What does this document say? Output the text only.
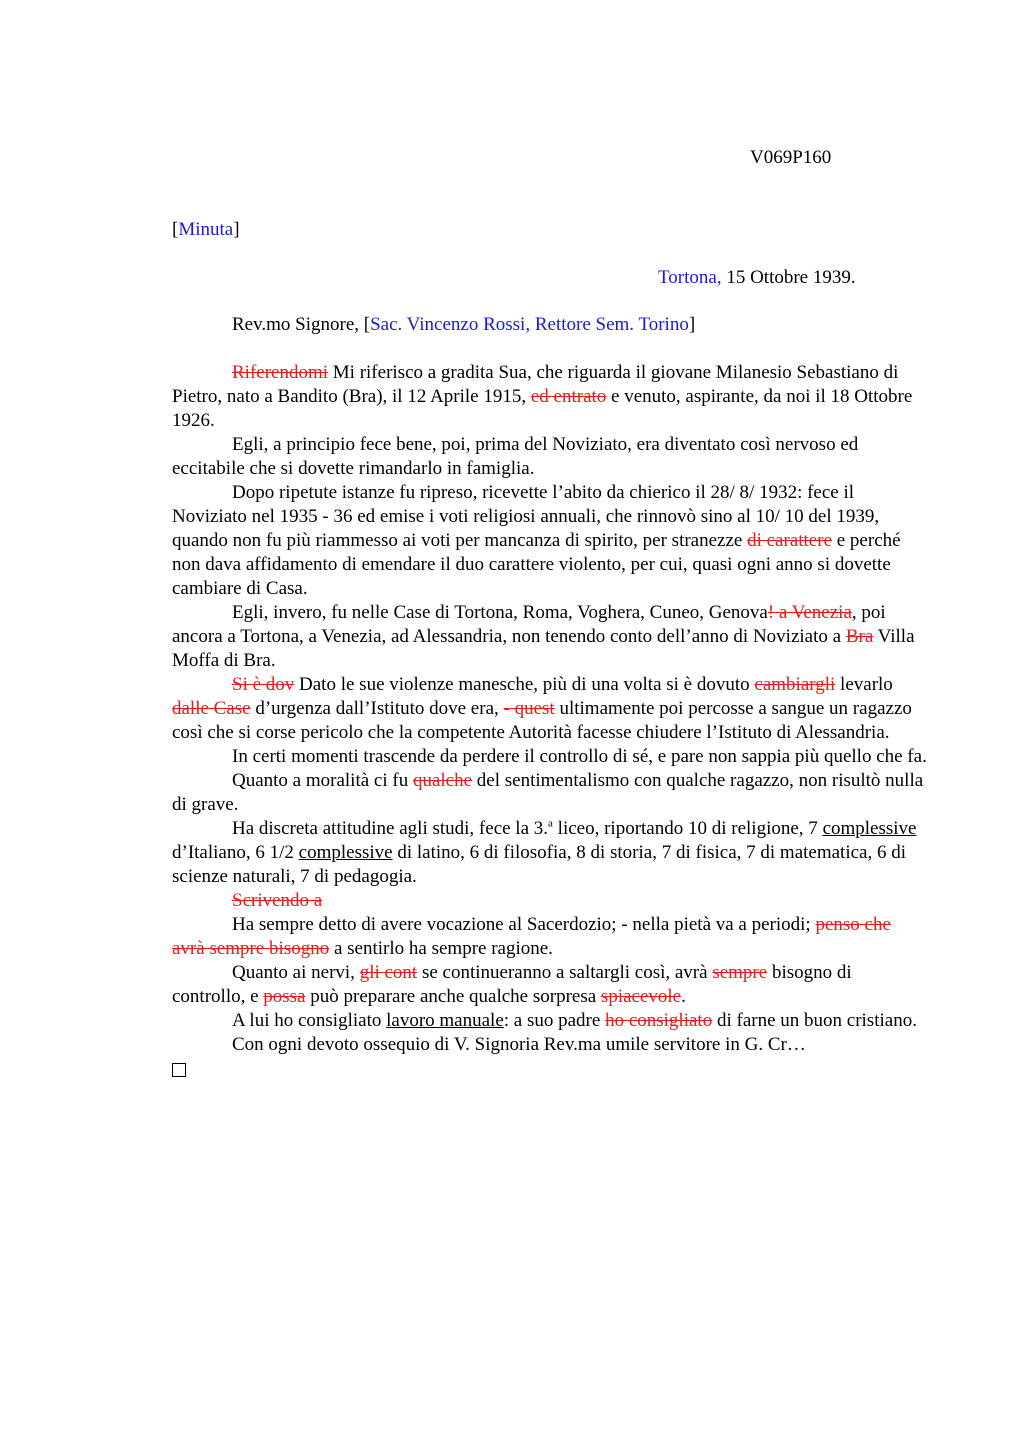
V069P160
[Minuta]
Tortona, 15 Ottobre 1939.
Rev.mo Signore, [Sac. Vincenzo Rossi, Rettore Sem. Torino]

Riferendomi Mi riferisco a gradita Sua, che riguarda il giovane Milanesio Sebastiano di Pietro, nato a Bandito (Bra), il 12 Aprile 1915, ed entrato e venuto, aspirante, da noi il 18 Ottobre 1926.

Egli, a principio fece bene, poi, prima del Noviziato, era diventato così nervoso ed eccitabile che si dovette rimandarlo in famiglia.

Dopo ripetute istanze fu ripreso, ricevette l’abito da chierico il 28/ 8/ 1932: fece il Noviziato nel 1935 - 36 ed emise i voti religiosi annuali, che rinnovò sino al 10/ 10 del 1939, quando non fu più riammesso ai voti per mancanza di spirito, per stranezze di carattere e perché non dava affidamento di emendare il duo carattere violento, per cui, quasi ogni anno si dovette cambiare di Casa.

Egli, invero, fu nelle Case di Tortona, Roma, Voghera, Cuneo, Genova! a Venezia, poi ancora a Tortona, a Venezia, ad Alessandria, non tenendo conto dell’anno di Noviziato a Bra Villa Moffa di Bra.

Si è dov Dato le sue violenze manesche, più di una volta si è dovuto cambiargli levarlo dalle Case d’urgenza dall’Istituto dove era, - quest ultimamente poi percosse a sangue un ragazzo così che si corse pericolo che la competente Autorità facesse chiudere l’Istituto di Alessandria.

In certi momenti trascende da perdere il controllo di sé, e pare non sappia più quello che fa.

Quanto a moralità ci fu qualche del sentimentalismo con qualche ragazzo, non risultò nulla di grave.

Ha discreta attitudine agli studi, fece la 3.$^a$ liceo, riportando 10 di religione, 7 complessive d’Italiano, 6 1/2 complessive di latino, 6 di filosofia, 8 di storia, 7 di fisica, 7 di matematica, 6 di scienze naturali, 7 di pedagogia.

Scrivendo a

Ha sempre detto di avere vocazione al Sacerdozio; - nella pietà va a periodi; penso che avrà sempre bisogno a sentirlo ha sempre ragione.

Quanto ai nervi, gli cont se continueranno a saltargli così, avrà sempre bisogno di controllo, e possa può preparare anche qualche sorpresa spiacevole.

A lui ho consigliato lavoro manuale: a suo padre ho consigliato di farne un buon cristiano.

Con ogni devoto ossequio di V. Signoria Rev.ma umile servitore in G. Cr…
